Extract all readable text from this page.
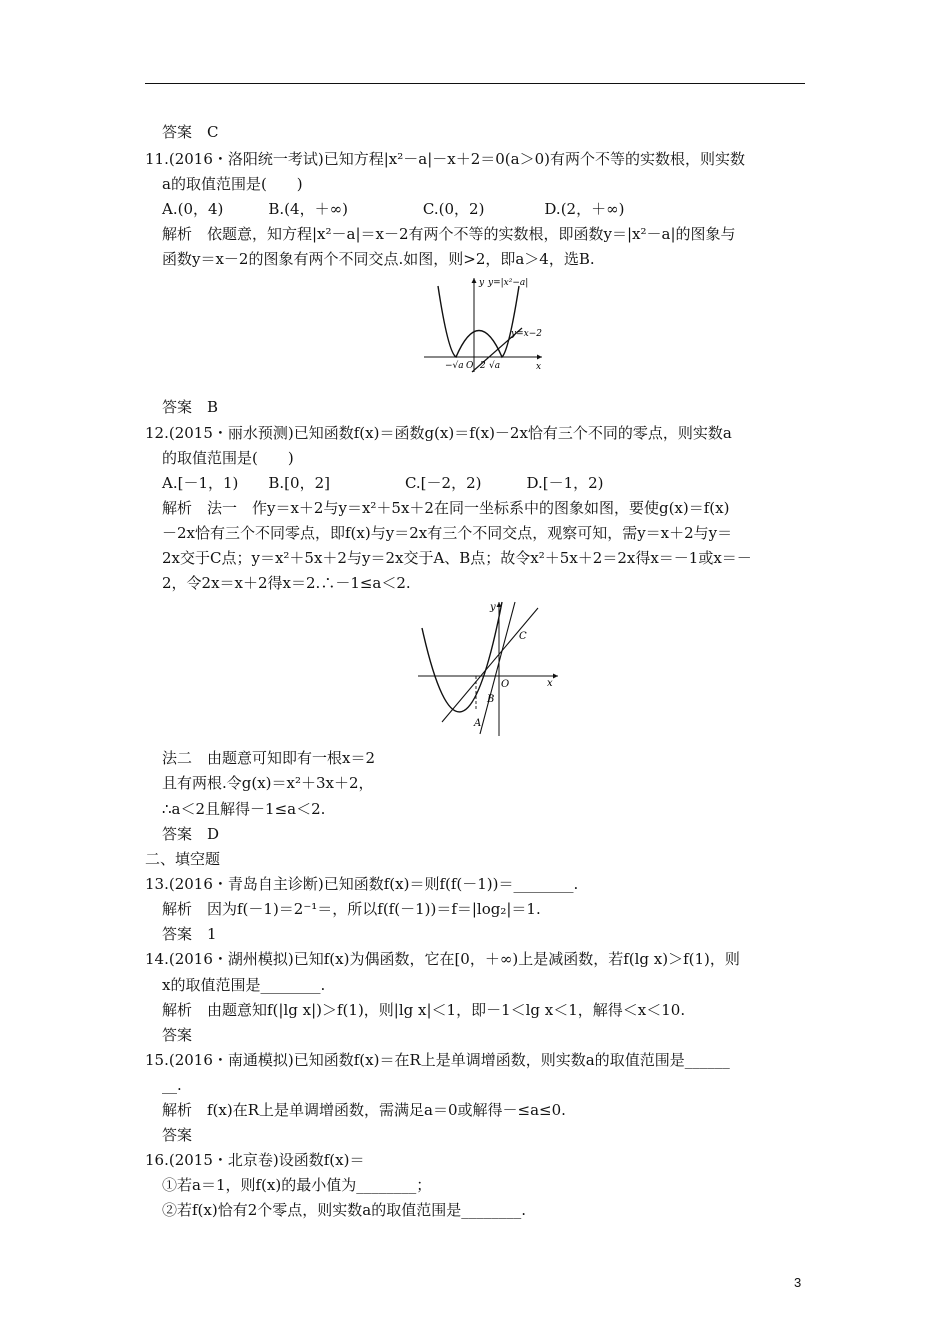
答案　C
11.(2016・洛阳统一考试)已知方程|x²－a|－x＋2＝0(a＞0)有两个不等的实数根，则实数
a的取值范围是(　　)
A.(0，4)　　　B.(4，＋∞)　　　　　C.(0，2)　　　　D.(2，＋∞)
解析　依题意，知方程|x²－a|＝x－2有两个不等的实数根，即函数y＝|x²－a|的图象与
函数y＝x－2的图象有两个不同交点.如图，则>2，即a＞4，选B.
答案　B
12.(2015・丽水预测)已知函数f(x)＝函数g(x)＝f(x)－2x恰有三个不同的零点，则实数a
的取值范围是(　　)
A.[－1，1)　　B.[0，2]　　　　　C.[－2，2)　　　D.[－1，2)
解析　法一　作y＝x＋2与y＝x²＋5x＋2在同一坐标系中的图象如图，要使g(x)＝f(x)
－2x恰有三个不同零点，即f(x)与y＝2x有三个不同交点，观察可知，需y＝x＋2与y＝
2x交于C点；y＝x²＋5x＋2与y＝2x交于A、B点；故令x²＋5x＋2＝2x得x＝－1或x＝－
2，令2x＝x＋2得x＝2.∴－1≤a＜2.
法二　由题意可知即有一根x＝2
且有两根.令g(x)＝x²＋3x＋2，
∴a＜2且解得－1≤a＜2.
答案　D
二、填空题
13.(2016・青岛自主诊断)已知函数f(x)＝则f(f(－1))＝________.
解析　因为f(－1)＝2⁻¹＝，所以f(f(－1))＝f＝|log₂|＝1.
答案　1
14.(2016・湖州模拟)已知f(x)为偶函数，它在[0，＋∞)上是减函数，若f(lg x)＞f(1)，则
x的取值范围是________.
解析　由题意知f(|lg x|)＞f(1)，则|lg x|＜1，即－1＜lg x＜1，解得＜x＜10.
答案
15.(2016・南通模拟)已知函数f(x)＝在R上是单调增函数，则实数a的取值范围是______
__.
解析　f(x)在R上是单调增函数，需满足a＝0或解得－≤a≤0.
答案
16.(2015・北京卷)设函数f(x)＝
①若a＝1，则f(x)的最小值为________；
②若f(x)恰有2个零点，则实数a的取值范围是________.
y=|x²−a|
y=x−2
y
x
−√a O 2 √a
y
x
C
O
B
A
3
